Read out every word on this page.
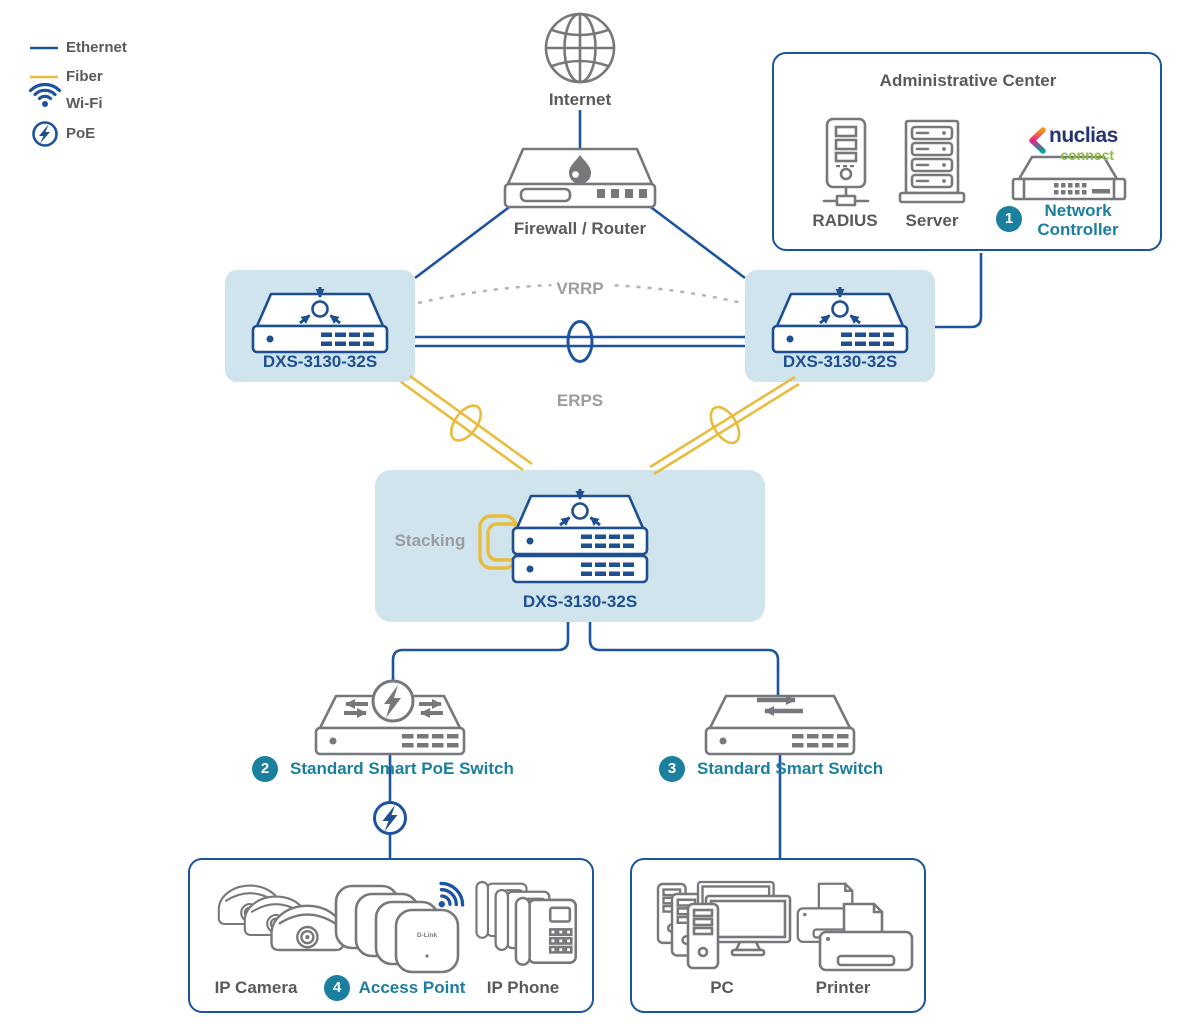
Ethernet
Fiber
Wi-Fi
PoE
Internet
Firewall / Router
DXS-3130-32S	DXS-3130-32S
VRRP
ERPS
Administrative Center
RADIUS Server
nuclias
connect
1	Network
Controller
Stacking
DXS-3130-32S
2	Standard Smart PoE Switch	3	Standard Smart Switch
IP Camera	4	Access Point IP Phone
D-Link
PC	Printer
